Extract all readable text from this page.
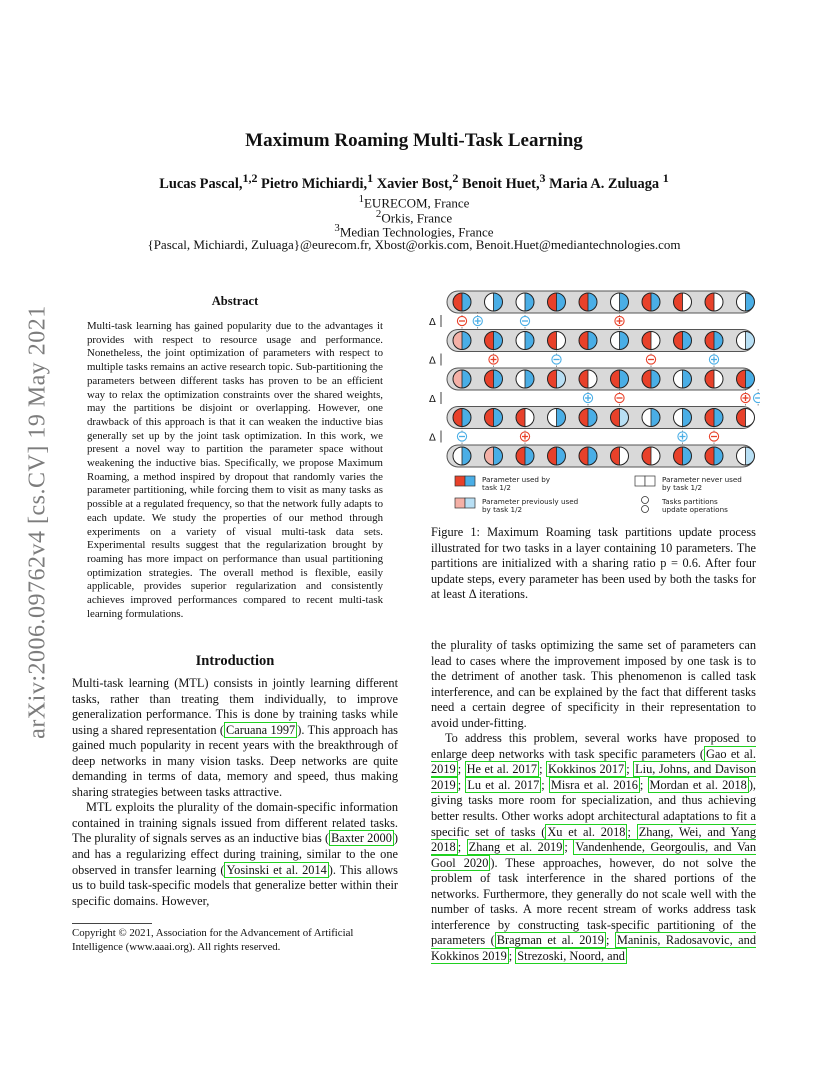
arXiv:2006.09762v4 [cs.CV] 19 May 2021
Maximum Roaming Multi-Task Learning
Lucas Pascal,$^{1,2}$ Pietro Michiardi,$^1$ Xavier Bost,$^2$ Benoit Huet,$^3$ Maria A. Zuluaga $^1$
$^1$EURECOM, France
$^2$Orkis, France
$^3$Median Technologies, France
{Pascal, Michiardi, Zuluaga}@eurecom.fr, Xbost@orkis.com, Benoit.Huet@mediantechnologies.com
Abstract
Multi-task learning has gained popularity due to the advantages it provides with respect to resource usage and performance. Nonetheless, the joint optimization of parameters with respect to multiple tasks remains an active research topic. Sub-partitioning the parameters between different tasks has proven to be an efficient way to relax the optimization constraints over the shared weights, may the partitions be disjoint or overlapping. However, one drawback of this approach is that it can weaken the inductive bias generally set up by the joint task optimization. In this work, we present a novel way to partition the parameter space without weakening the inductive bias. Specifically, we propose Maximum Roaming, a method inspired by dropout that randomly varies the parameter partitioning, while forcing them to visit as many tasks as possible at a regulated frequency, so that the network fully adapts to each update. We study the properties of our method through experiments on a variety of visual multi-task data sets. Experimental results suggest that the regularization brought by roaming has more impact on performance than usual partitioning optimization strategies. The overall method is flexible, easily applicable, provides superior regularization and consistently achieves improved performances compared to recent multi-task learning formulations.
Introduction

Multi-task learning (MTL) consists in jointly learning different tasks, rather than treating them individually, to improve generalization performance. This is done by training tasks while using a shared representation ( Caruana 1997 ). This approach has gained much popularity in recent years with the breakthrough of deep networks in many vision tasks. Deep networks are quite demanding in terms of data, memory and speed, thus making sharing strategies between tasks attractive.

MTL exploits the plurality of the domain-specific information contained in training signals issued from different related tasks. The plurality of signals serves as an inductive bias ( Baxter 2000 ) and has a regularizing effect during training, similar to the one observed in transfer learning ( Yosinski et al. 2014 ). This allows us to build task-specific models that generalize better within their specific domains. However,

Copyright © 2021, Association for the Advancement of Artificial Intelligence (www.aaai.org). All rights reserved.
Δ
Δ
Δ
Δ
Parameter used by task 1/2
Parameter never used by task 1/2
Parameter previously used by task 1/2
Tasks partitions update operations
Figure 1: Maximum Roaming task partitions update process illustrated for two tasks in a layer containing 10 parameters. The partitions are initialized with a sharing ratio p = 0.6. After four update steps, every parameter has been used by both the tasks for at least Δ iterations.

the plurality of tasks optimizing the same set of parameters can lead to cases where the improvement imposed by one task is to the detriment of another task. This phenomenon is called task interference, and can be explained by the fact that different tasks need a certain degree of specificity in their representation to avoid under-fitting.

To address this problem, several works have proposed to enlarge deep networks with task specific parameters ( Gao et al. 2019 ; He et al. 2017 ; Kokkinos 2017 ; Liu, Johns, and Davison 2019 ; Lu et al. 2017 ; Misra et al. 2016 ; Mordan et al. 2018 ), giving tasks more room for specialization, and thus achieving better results. Other works adopt architectural adaptations to fit a specific set of tasks ( Xu et al. 2018 ; Zhang, Wei, and Yang 2018 ; Zhang et al. 2019 ; Vandenhende, Georgoulis, and Van Gool 2020 ). These approaches, however, do not solve the problem of task interference in the shared portions of the networks. Furthermore, they generally do not scale well with the number of tasks. A more recent stream of works address task interference by constructing task-specific partitioning of the parameters ( Bragman et al. 2019 ; Maninis, Radosavovic, and Kokkinos 2019 ; Strezoski, Noord, and
